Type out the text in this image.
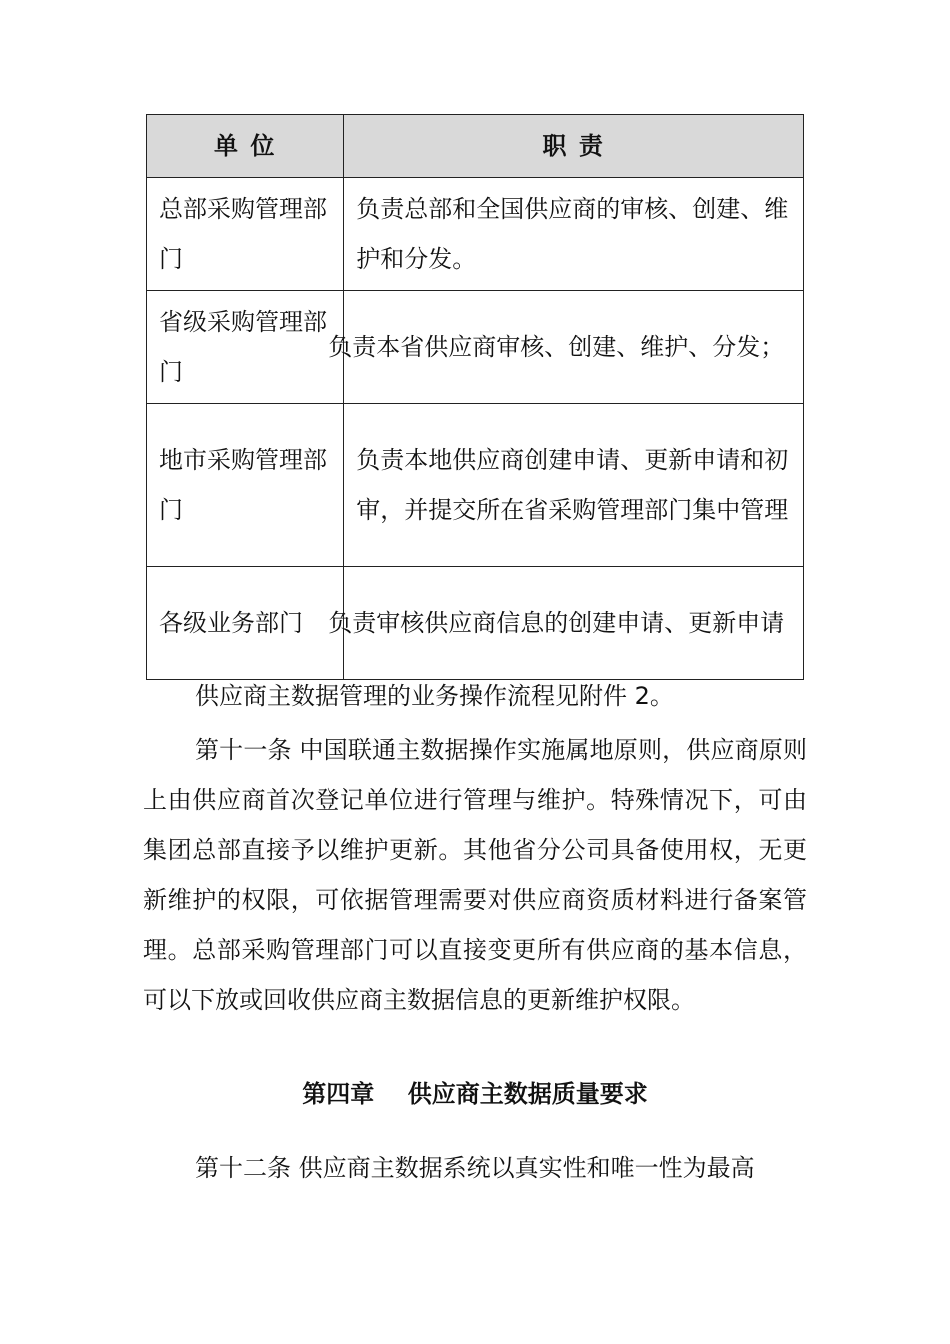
单 位	职 责
总部采购管理部门	负责总部和全国供应商的审核、创建、维护和分发。
省级采购管理部门	负责本省供应商审核、创建、维护、分发；
地市采购管理部门	负责本地供应商创建申请、更新申请和初审，并提交所在省采购管理部门集中管理
各级业务部门	负责审核供应商信息的创建申请、更新申请

供应商主数据管理的业务操作流程见附件 2。

第十一条 中国联通主数据操作实施属地原则，供应商原则上由供应商首次登记单位进行管理与维护。特殊情况下，可由集团总部直接予以维护更新。其他省分公司具备使用权，无更新维护的权限，可依据管理需要对供应商资质材料进行备案管理。总部采购管理部门可以直接变更所有供应商的基本信息，可以下放或回收供应商主数据信息的更新维护权限。

第四章    供应商主数据质量要求

第十二条 供应商主数据系统以真实性和唯一性为最高
